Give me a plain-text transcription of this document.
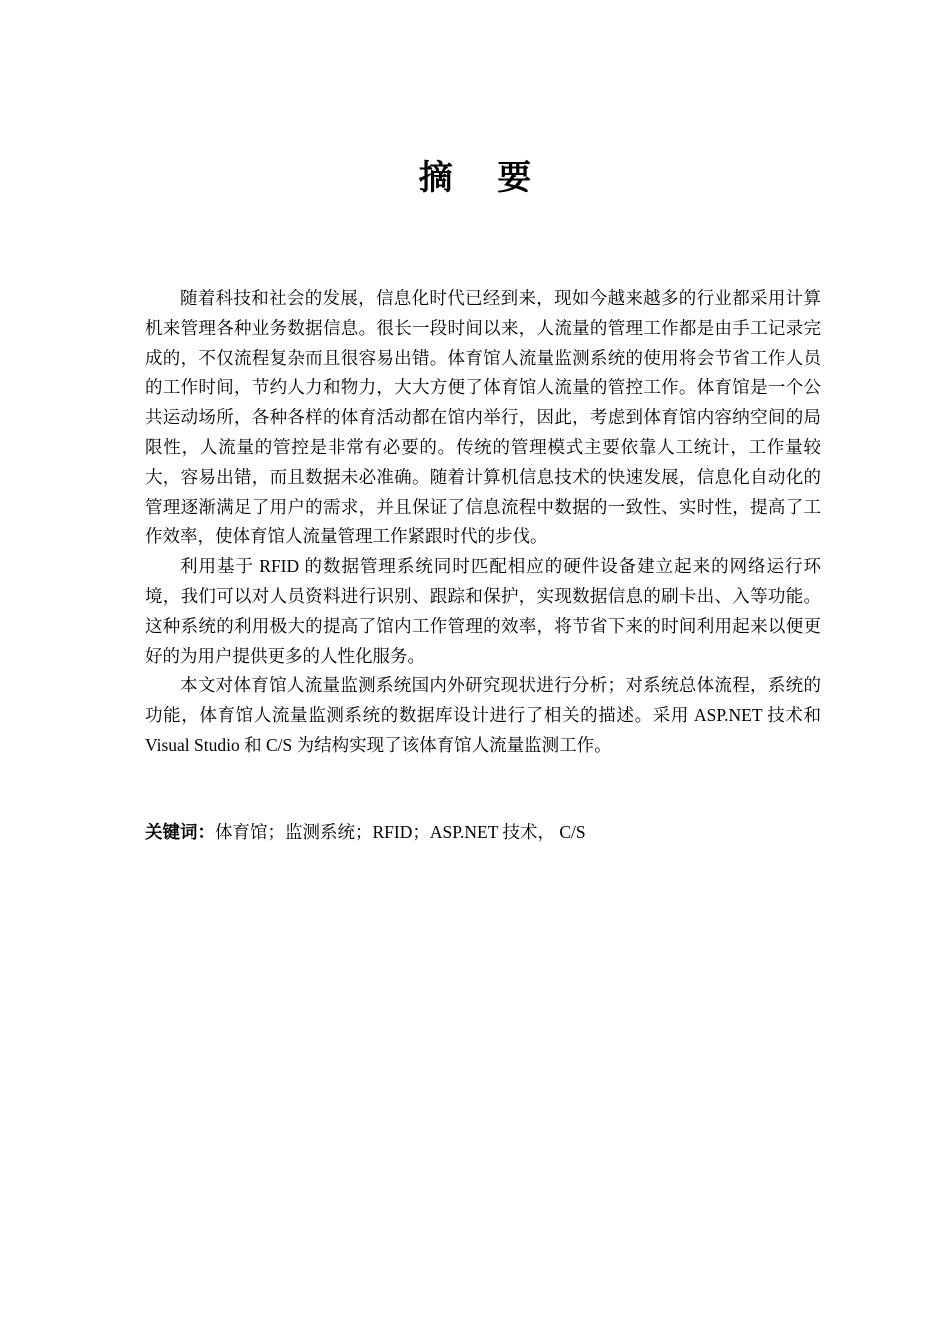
摘 要

随着科技和社会的发展，信息化时代已经到来，现如今越来越多的行业都采用计算机来管理各种业务数据信息。很长一段时间以来，人流量的管理工作都是由手工记录完成的，不仅流程复杂而且很容易出错。体育馆人流量监测系统的使用将会节省工作人员的工作时间，节约人力和物力，大大方便了体育馆人流量的管控工作。体育馆是一个公共运动场所，各种各样的体育活动都在馆内举行，因此，考虑到体育馆内容纳空间的局限性，人流量的管控是非常有必要的。传统的管理模式主要依靠人工统计，工作量较大，容易出错，而且数据未必准确。随着计算机信息技术的快速发展，信息化自动化的管理逐渐满足了用户的需求，并且保证了信息流程中数据的一致性、实时性，提高了工作效率，使体育馆人流量管理工作紧跟时代的步伐。

利用基于 RFID 的数据管理系统同时匹配相应的硬件设备建立起来的网络运行环境，我们可以对人员资料进行识别、跟踪和保护，实现数据信息的刷卡出、入等功能。这种系统的利用极大的提高了馆内工作管理的效率，将节省下来的时间利用起来以便更好的为用户提供更多的人性化服务。

本文对体育馆人流量监测系统国内外研究现状进行分析；对系统总体流程，系统的功能，体育馆人流量监测系统的数据库设计进行了相关的描述。采用 ASP.NET 技术和 Visual Studio 和 C/S 为结构实现了该体育馆人流量监测工作。

关键词：体育馆；监测系统；RFID；ASP.NET 技术， C/S
